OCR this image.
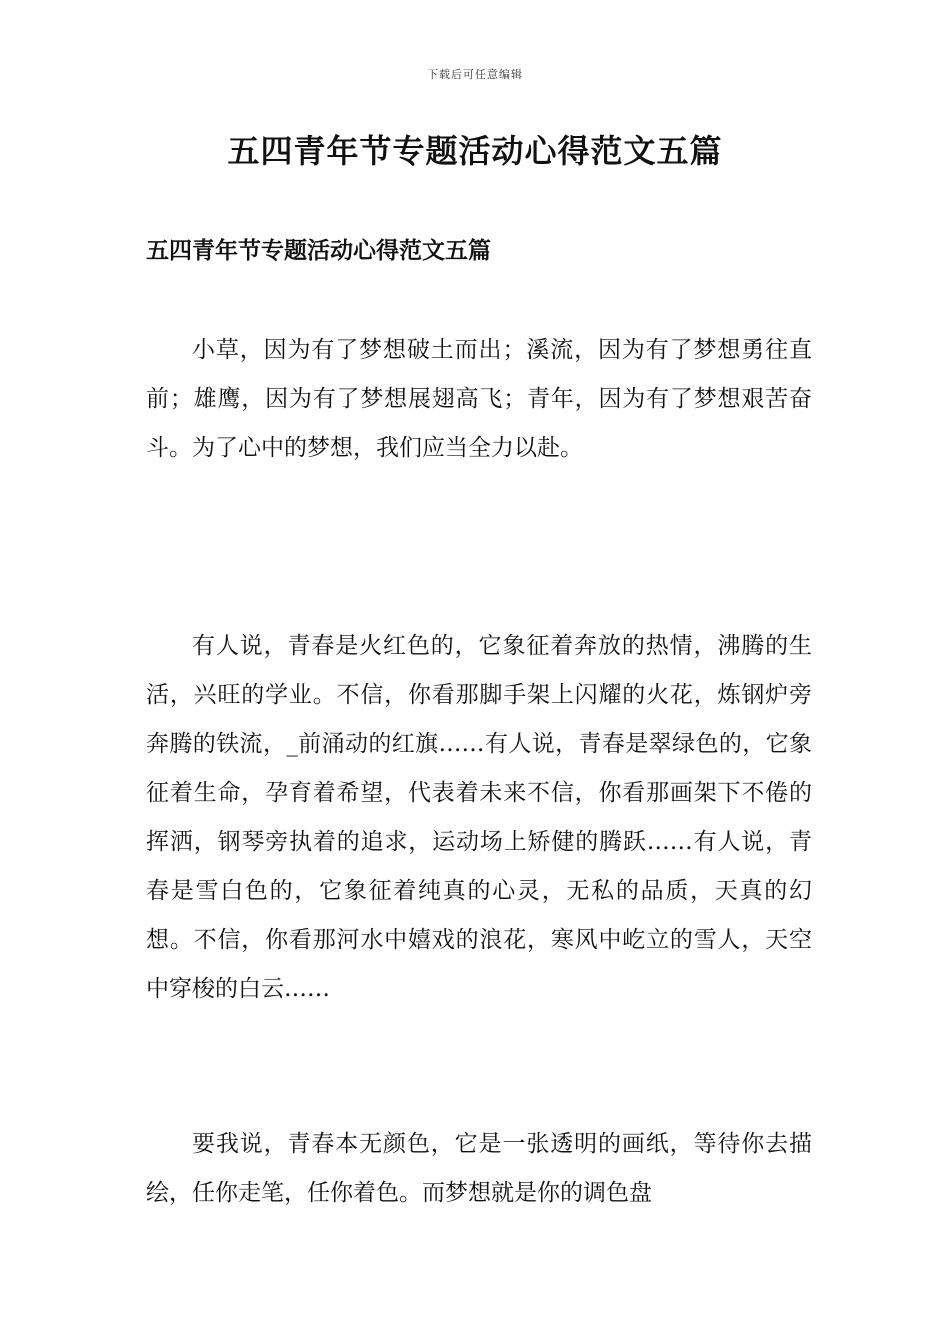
下载后可任意编辑
五四青年节专题活动心得范文五篇
五四青年节专题活动心得范文五篇

小草，因为有了梦想破土而出；溪流，因为有了梦想勇往直前；雄鹰，因为有了梦想展翅高飞；青年，因为有了梦想艰苦奋斗。为了心中的梦想，我们应当全力以赴。

有人说，青春是火红色的，它象征着奔放的热情，沸腾的生活，兴旺的学业。不信，你看那脚手架上闪耀的火花，炼钢炉旁奔腾的铁流，_前涌动的红旗……有人说，青春是翠绿色的，它象征着生命，孕育着希望，代表着未来不信，你看那画架下不倦的挥洒，钢琴旁执着的追求，运动场上矫健的腾跃……有人说，青春是雪白色的，它象征着纯真的心灵，无私的品质，天真的幻想。不信，你看那河水中嬉戏的浪花，寒风中屹立的雪人，天空中穿梭的白云……

要我说，青春本无颜色，它是一张透明的画纸，等待你去描绘，任你走笔，任你着色。而梦想就是你的调色盘
